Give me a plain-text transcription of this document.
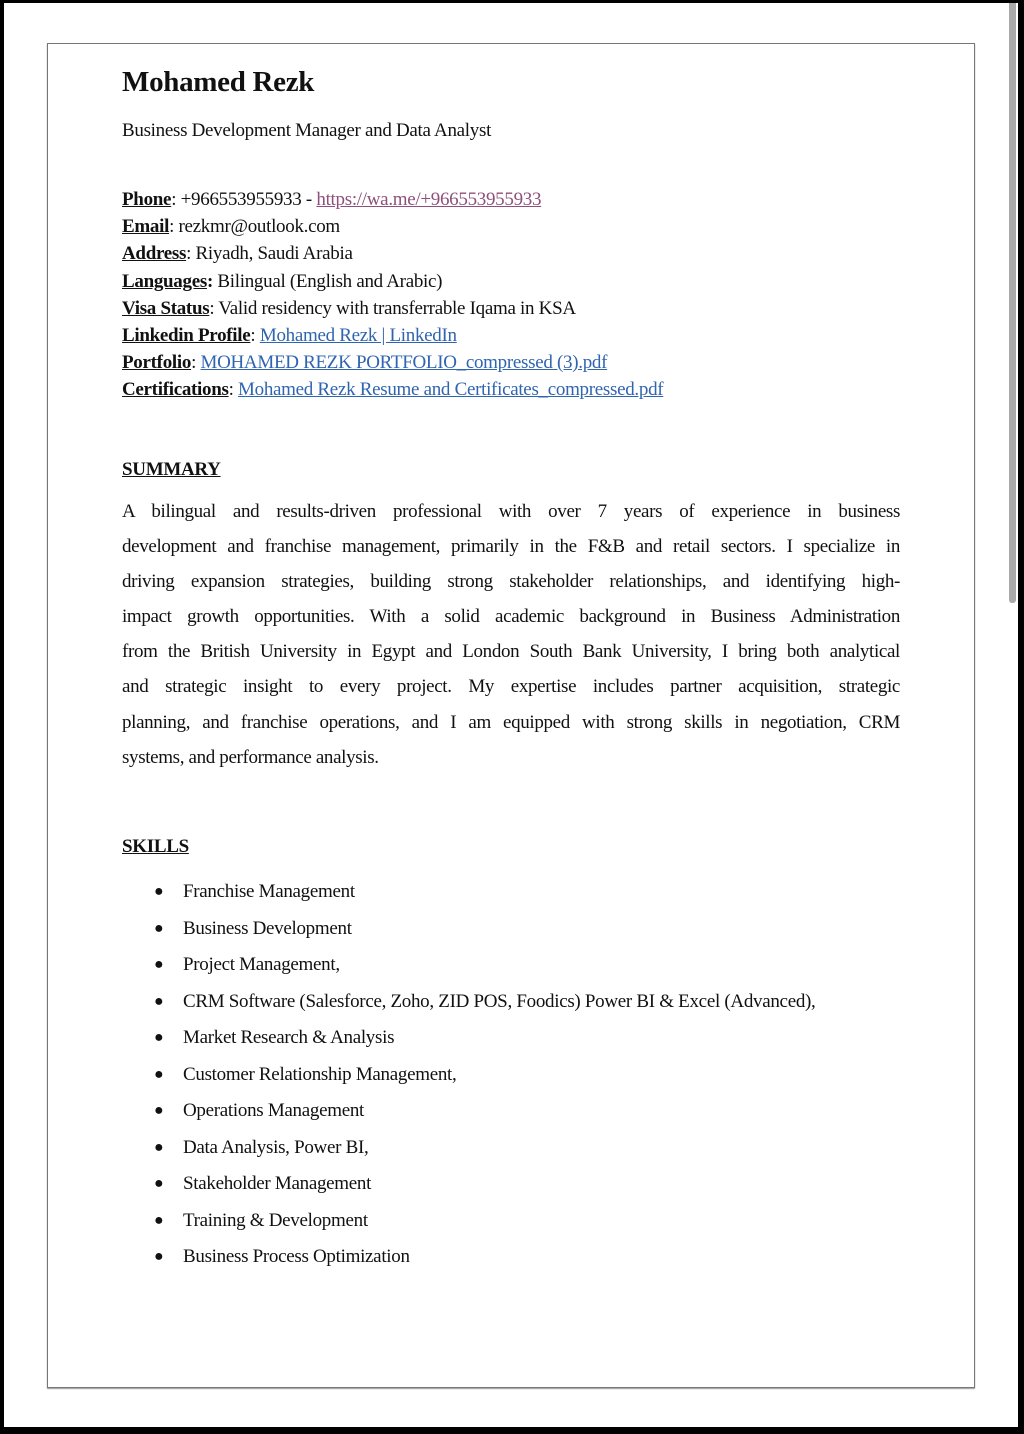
Mohamed Rezk
Business Development Manager and Data Analyst
Phone: +966553955933 - https://wa.me/+966553955933
Email: rezkmr@outlook.com
Address: Riyadh, Saudi Arabia
Languages: Bilingual (English and Arabic)
Visa Status: Valid residency with transferrable Iqama in KSA
Linkedin Profile: Mohamed Rezk | LinkedIn
Portfolio: MOHAMED REZK PORTFOLIO_compressed (3).pdf
Certifications: Mohamed Rezk Resume and Certificates_compressed.pdf
SUMMARY
A bilingual and results-driven professional with over 7 years of experience in business
development and franchise management, primarily in the F&B and retail sectors. I specialize in
driving expansion strategies, building strong stakeholder relationships, and identifying high-
impact growth opportunities. With a solid academic background in Business Administration
from the British University in Egypt and London South Bank University, I bring both analytical
and strategic insight to every project. My expertise includes partner acquisition, strategic
planning, and franchise operations, and I am equipped with strong skills in negotiation, CRM
systems, and performance analysis.
SKILLS
● Franchise Management
● Business Development
● Project Management,
● CRM Software (Salesforce, Zoho, ZID POS, Foodics) Power BI & Excel (Advanced),
● Market Research & Analysis
● Customer Relationship Management,
● Operations Management
● Data Analysis, Power BI,
● Stakeholder Management
● Training & Development
● Business Process Optimization
